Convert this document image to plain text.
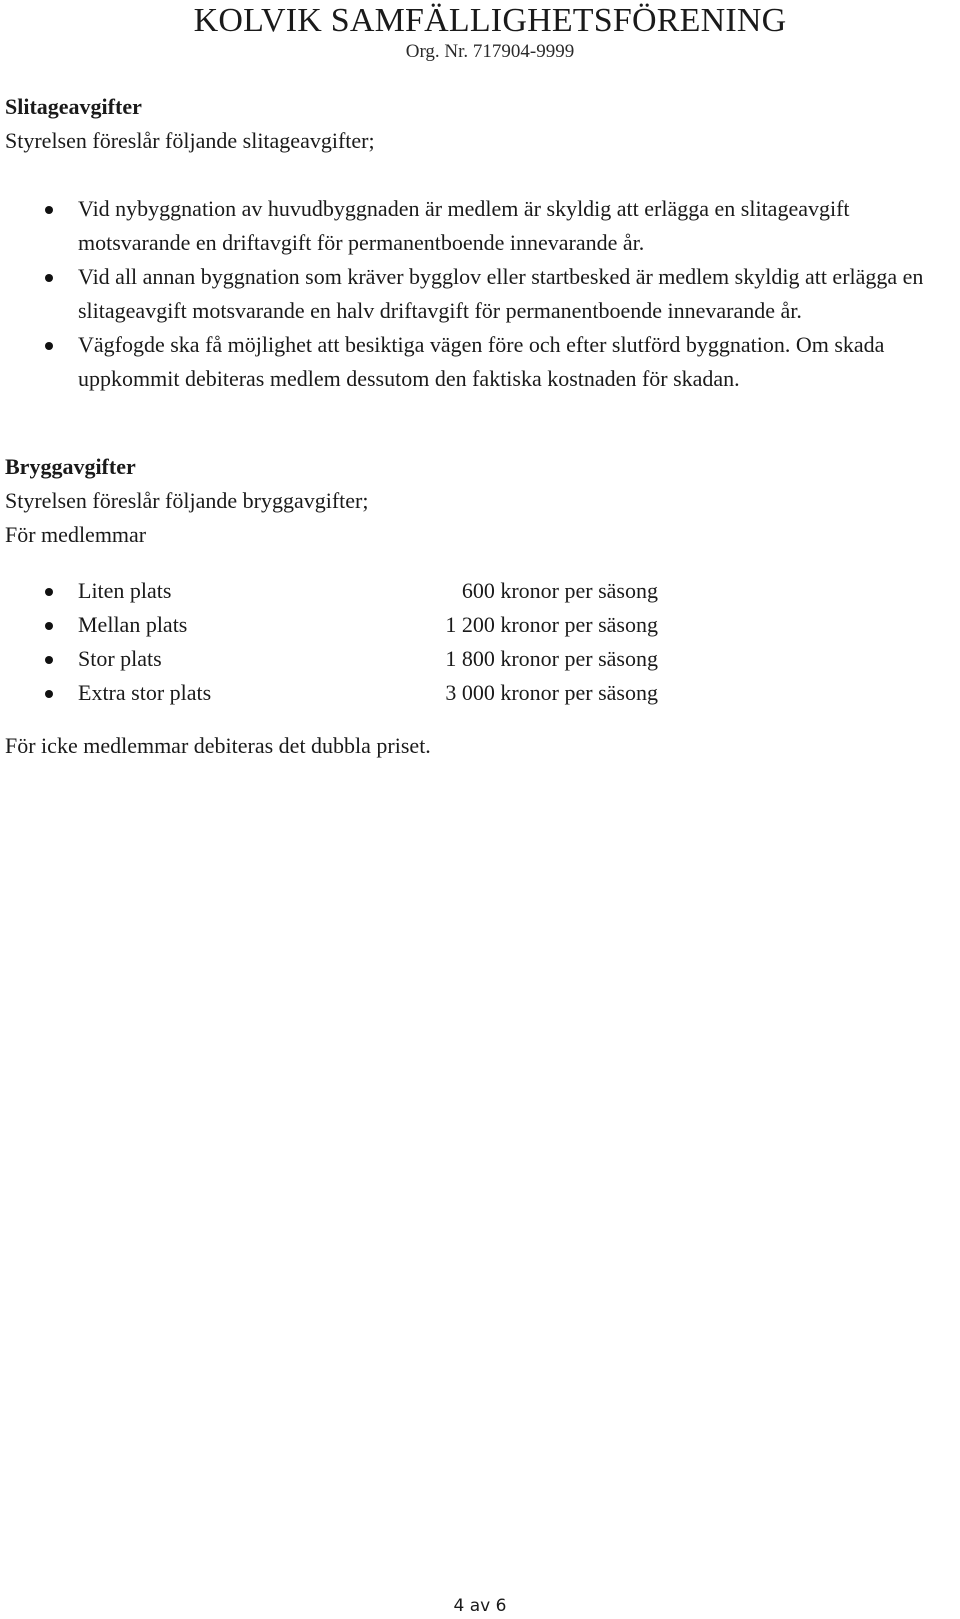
KOLVIK SAMFÄLLIGHETSFÖRENING
Org. Nr. 717904-9999
Slitageavgifter
Styrelsen föreslår följande slitageavgifter;
Vid nybyggnation av huvudbyggnaden är medlem är skyldig att erlägga en slitageavgift motsvarande en driftavgift för permanentboende innevarande år.
Vid all annan byggnation som kräver bygglov eller startbesked är medlem skyldig att erlägga en slitageavgift motsvarande en halv driftavgift för permanentboende innevarande år.
Vägfogde ska få möjlighet att besiktiga vägen före och efter slutförd byggnation. Om skada uppkommit debiteras medlem dessutom den faktiska kostnaden för skadan.
Bryggavgifter
Styrelsen föreslår följande bryggavgifter;
För medlemmar
Liten plats	600 kronor per säsong
Mellan plats	1 200 kronor per säsong
Stor plats	1 800 kronor per säsong
Extra stor plats	3 000 kronor per säsong
För icke medlemmar debiteras det dubbla priset.
4 av 6
